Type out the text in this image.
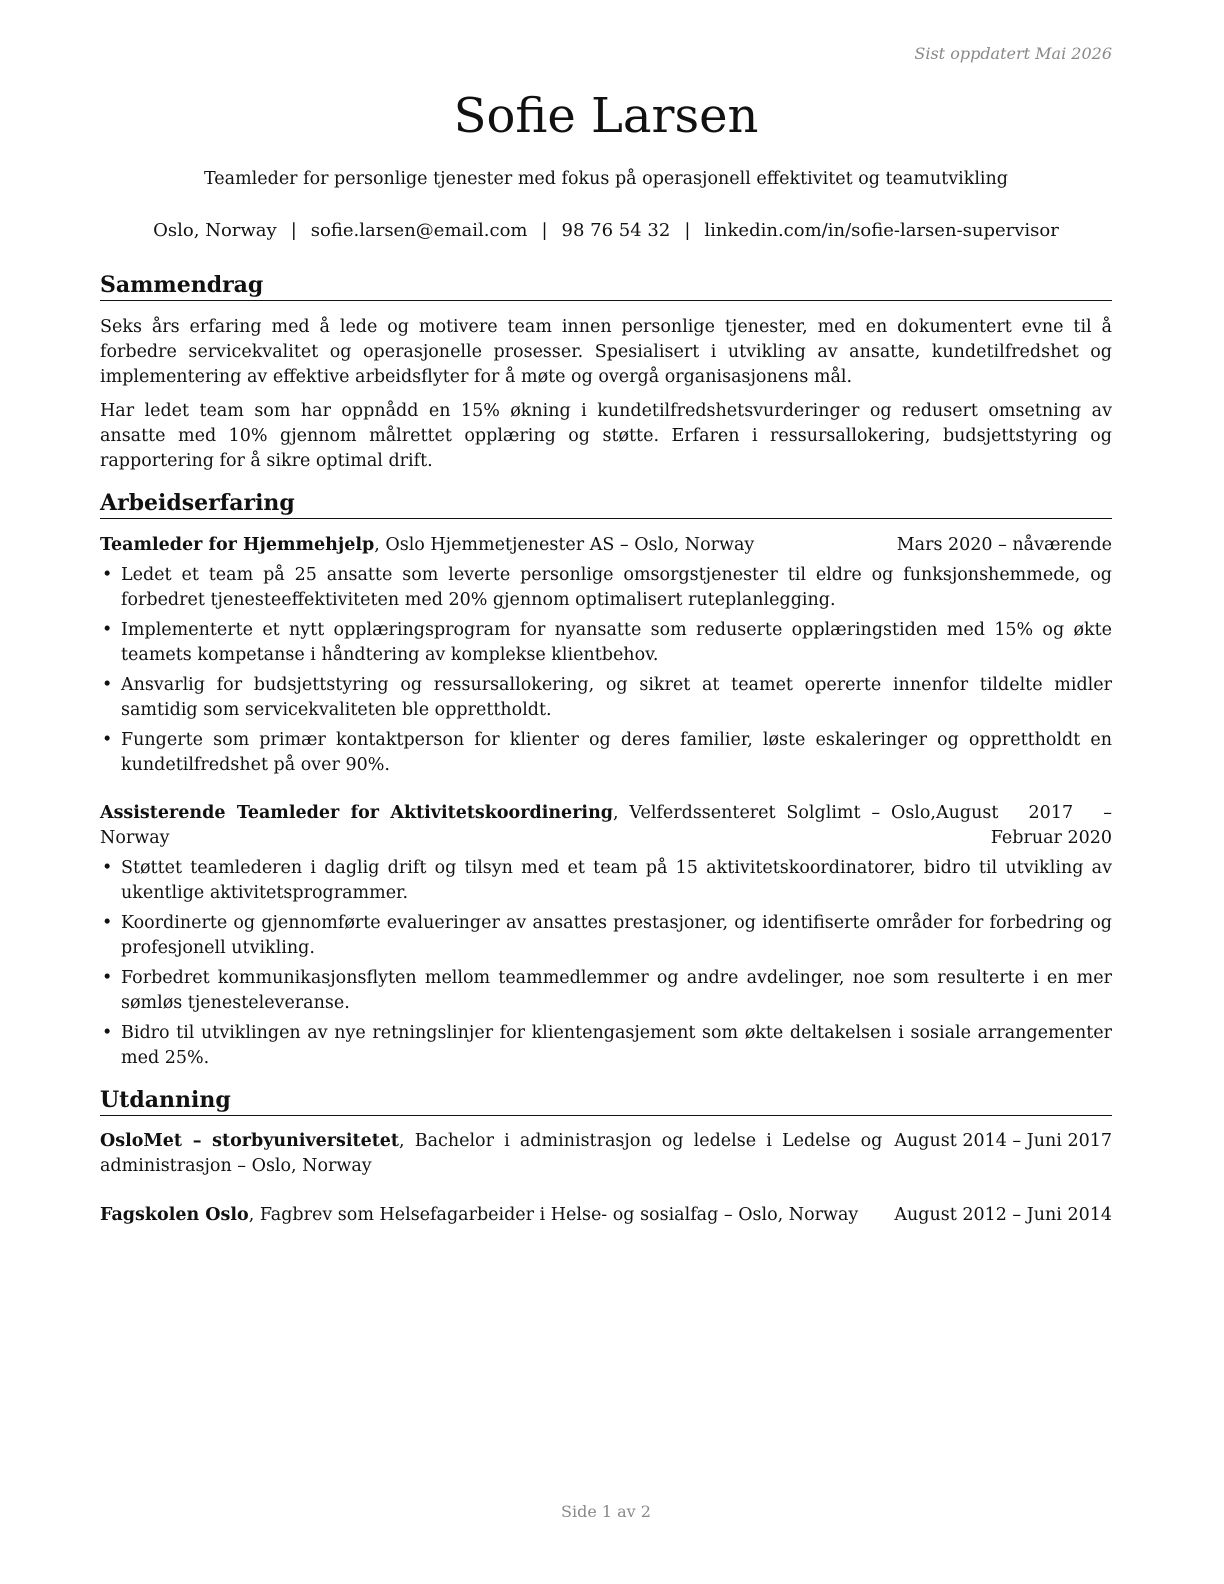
Sist oppdatert Mai 2026
Sofie Larsen
Teamleder for personlige tjenester med fokus på operasjonell effektivitet og teamutvikling
Oslo, Norway | sofie.larsen@email.com | 98 76 54 32 | linkedin.com/in/sofie-larsen-supervisor
Sammendrag

Seks års erfaring med å lede og motivere team innen personlige tjenester, med en dokumentert evne til å forbedre servicekvalitet og operasjonelle prosesser. Spesialisert i utvikling av ansatte, kundetilfredshet og implementering av effektive arbeidsflyter for å møte og overgå organisasjonens mål.

Har ledet team som har oppnådd en 15% økning i kundetilfredshetsvurderinger og redusert omsetning av ansatte med 10% gjennom målrettet opplæring og støtte. Erfaren i ressursallokering, budsjettstyring og rapportering for å sikre optimal drift.

Arbeidserfaring
Teamleder for Hjemmehjelp, Oslo Hjemmetjenester AS – Oslo, Norway	Mars 2020 – nåværende
• Ledet et team på 25 ansatte som leverte personlige omsorgstjenester til eldre og funksjonshemmede, og forbedret tjenesteeffektiviteten med 20% gjennom optimalisert ruteplanlegging.
• Implementerte et nytt opplæringsprogram for nyansatte som reduserte opplæringstiden med 15% og økte teamets kompetanse i håndtering av komplekse klientbehov.
• Ansvarlig for budsjettstyring og ressursallokering, og sikret at teamet opererte innenfor tildelte midler samtidig som servicekvaliteten ble opprettholdt.
• Fungerte som primær kontaktperson for klienter og deres familier, løste eskaleringer og opprettholdt en kundetilfredshet på over 90%.
Assisterende Teamleder for Aktivitetskoordinering, Velferdssenteret Solglimt – Oslo, Norway
August 2017 – Februar 2020
• Støttet teamlederen i daglig drift og tilsyn med et team på 15 aktivitetskoordinatorer, bidro til utvikling av ukentlige aktivitetsprogrammer.
• Koordinerte og gjennomførte evalueringer av ansattes prestasjoner, og identifiserte områder for forbedring og profesjonell utvikling.
• Forbedret kommunikasjonsflyten mellom teammedlemmer og andre avdelinger, noe som resulterte i en mer sømløs tjenesteleveranse.
• Bidro til utviklingen av nye retningslinjer for klientengasjement som økte deltakelsen i sosiale arrangementer med 25%.
Utdanning
OsloMet – storbyuniversitetet, Bachelor i administrasjon og ledelse i Ledelse og administrasjon – Oslo, Norway
August 2014 – Juni 2017
Fagskolen Oslo, Fagbrev som Helsefagarbeider i Helse- og sosialfag – Oslo, Norway	August 2012 – Juni 2014
Side 1 av 2
